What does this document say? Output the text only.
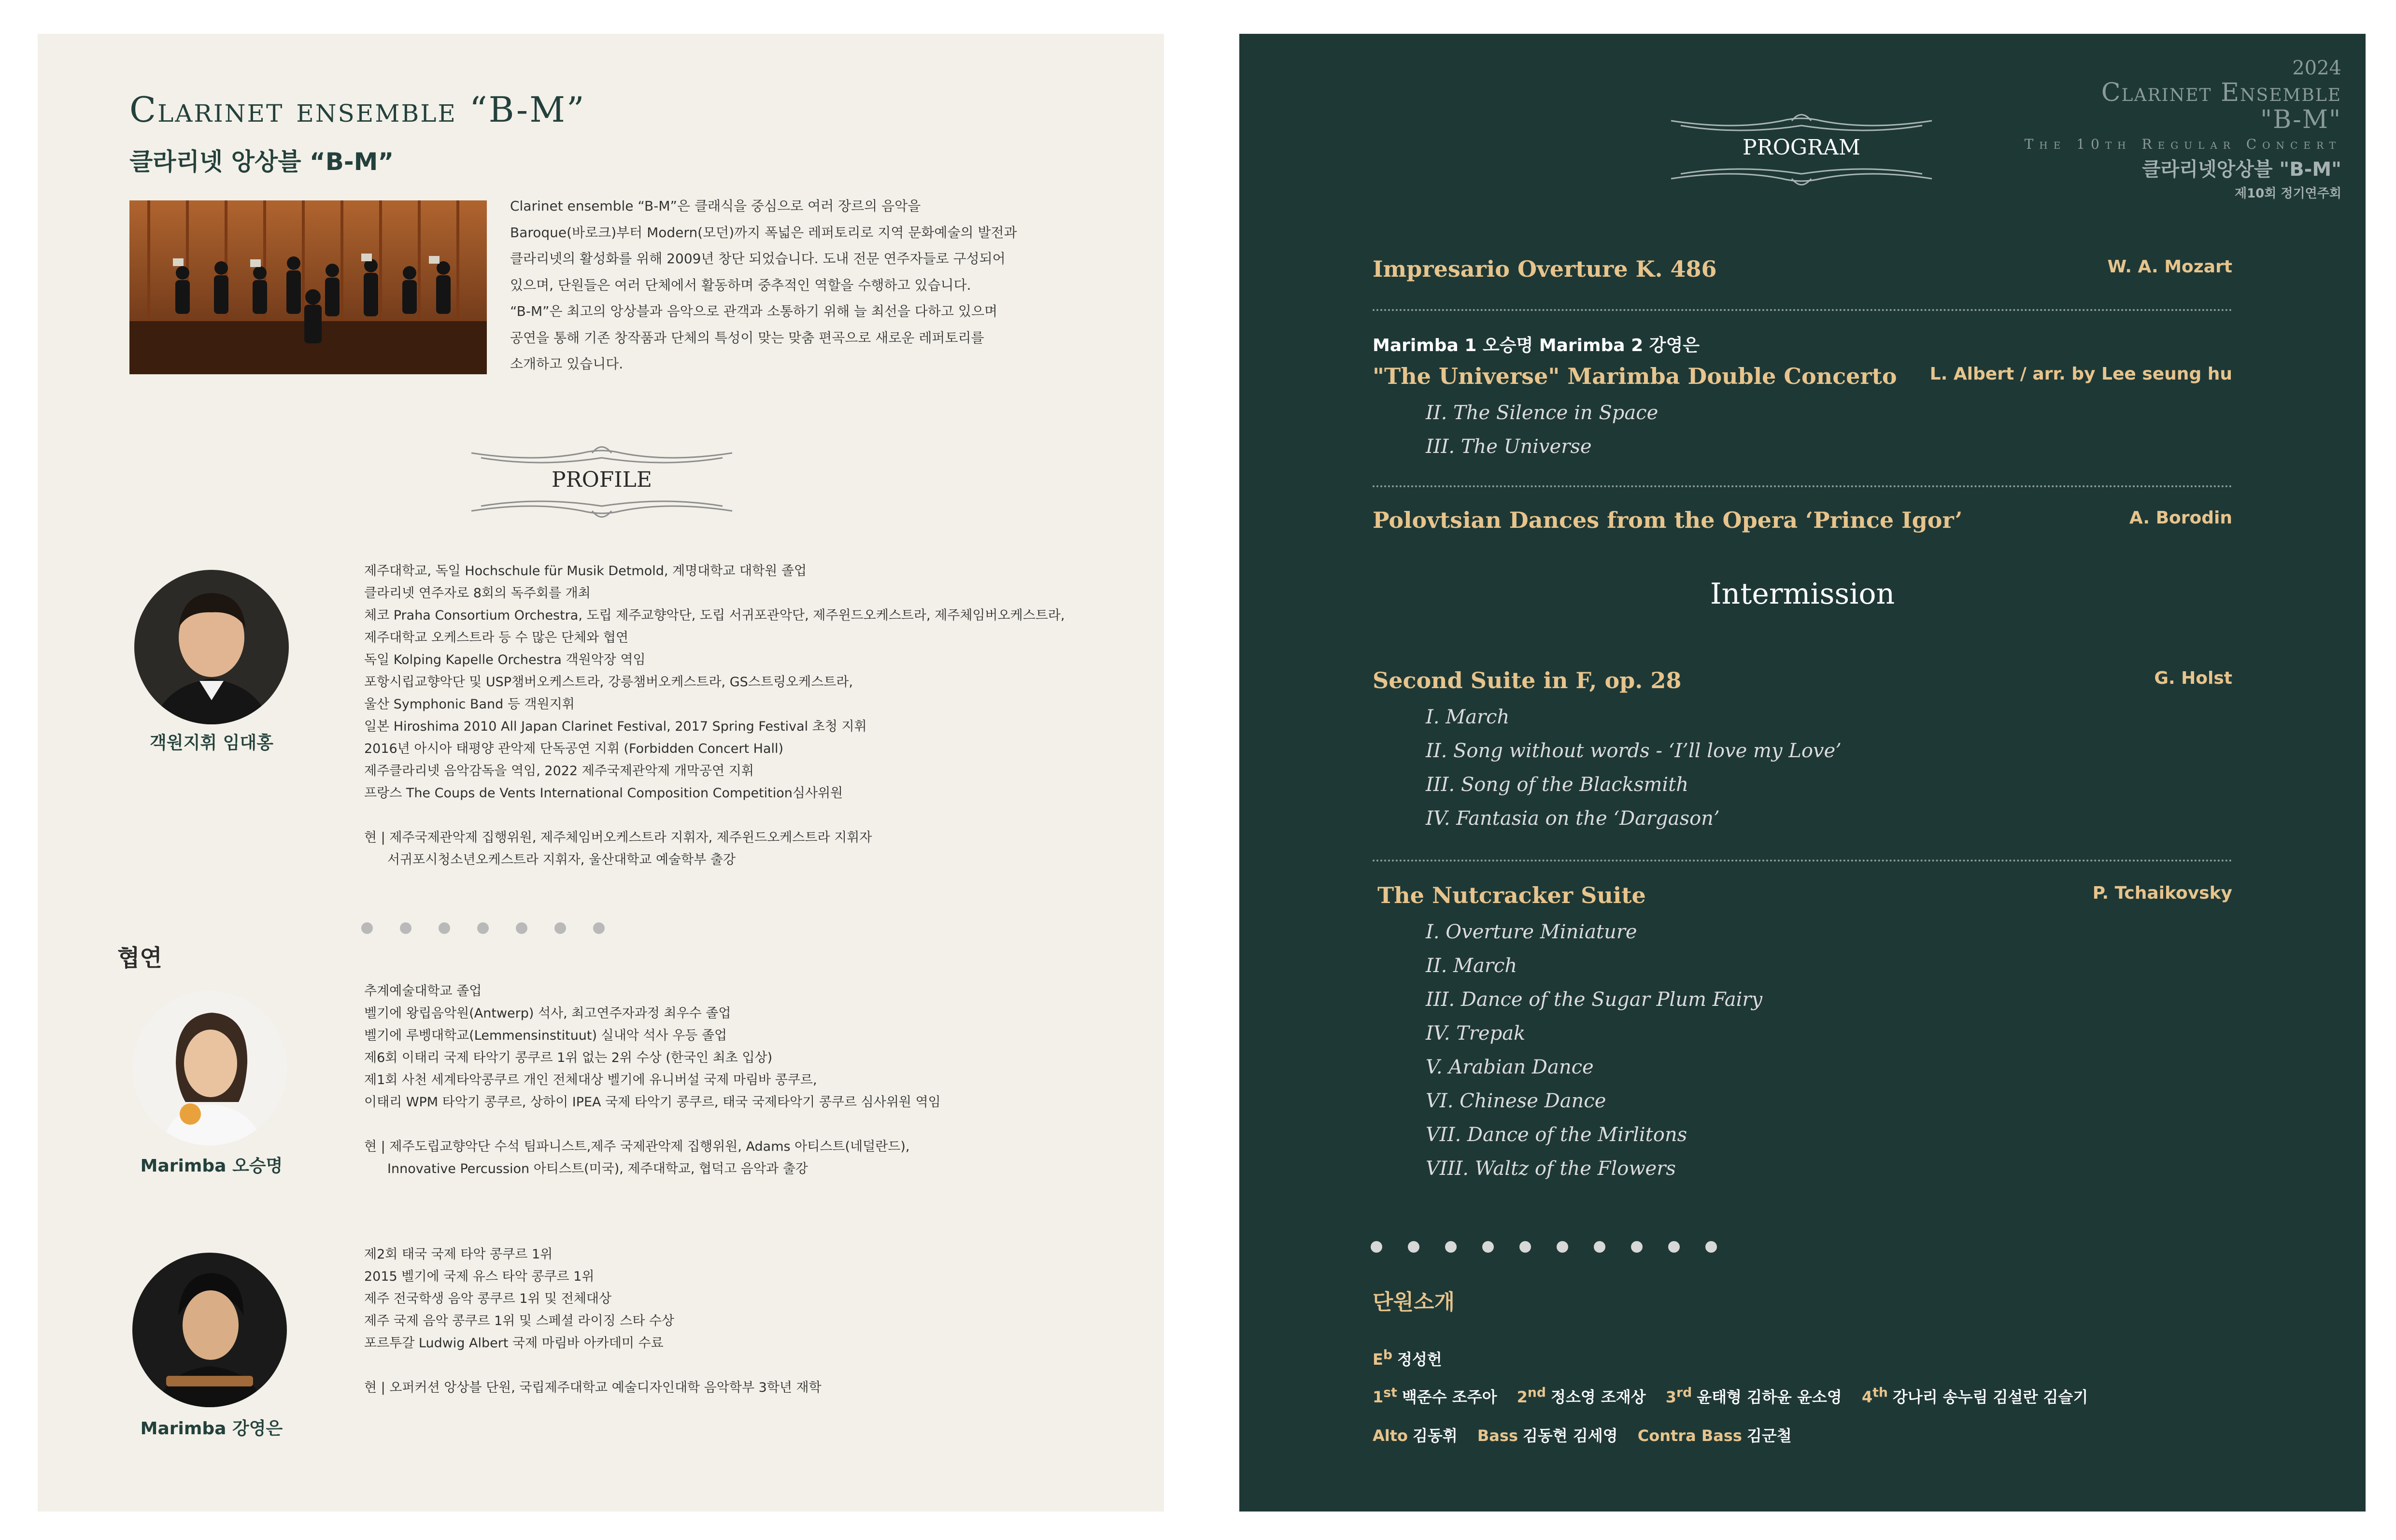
Clarinet ensemble “B-M”
클라리넷 앙상블 “B-M”
Clarinet ensemble “B-M”은 클래식을 중심으로 여러 장르의 음악을
Baroque(바로크)부터 Modern(모던)까지 폭넓은 레퍼토리로 지역 문화예술의 발전과
클라리넷의 활성화를 위해 2009년 창단 되었습니다. 도내 전문 연주자들로 구성되어
있으며, 단원들은 여러 단체에서 활동하며 중추적인 역할을 수행하고 있습니다.
“B-M”은 최고의 앙상블과 음악으로 관객과 소통하기 위해 늘 최선을 다하고 있으며
공연을 통해 기존 창작품과 단체의 특성이 맞는 맞춤 편곡으로 새로운 레퍼토리를
소개하고 있습니다.
PROFILE
객원지휘 임대홍
제주대학교, 독일 Hochschule für Musik Detmold, 계명대학교 대학원 졸업
클라리넷 연주자로 8회의 독주회를 개최
체코 Praha Consortium Orchestra, 도립 제주교향악단, 도립 서귀포관악단, 제주윈드오케스트라, 제주체임버오케스트라,
제주대학교 오케스트라 등 수 많은 단체와 협연
독일 Kolping Kapelle Orchestra 객원악장 역임
포항시립교향악단 및 USP챔버오케스트라, 강릉챔버오케스트라, GS스트링오케스트라,
울산 Symphonic Band 등 객원지휘
일본 Hiroshima 2010 All Japan Clarinet Festival, 2017 Spring Festival 초청 지휘
2016년 아시아 태평양 관악제 단독공연 지휘 (Forbidden Concert Hall)
제주클라리넷 음악감독을 역임, 2022 제주국제관악제 개막공연 지휘
프랑스 The Coups de Vents International Composition Competition심사위원
현 | 제주국제관악제 집행위원, 제주체임버오케스트라 지휘자, 제주윈드오케스트라 지휘자
서귀포시청소년오케스트라 지휘자, 울산대학교 예술학부 출강
협연
Marimba 오승명
추계예술대학교 졸업
벨기에 왕립음악원(Antwerp) 석사, 최고연주자과정 최우수 졸업
벨기에 루벵대학교(Lemmensinstituut) 실내악 석사 우등 졸업
제6회 이태리 국제 타악기 콩쿠르 1위 없는 2위 수상 (한국인 최초 입상)
제1회 사천 세계타악콩쿠르 개인 전체대상 벨기에 유니버설 국제 마림바 콩쿠르,
이태리 WPM 타악기 콩쿠르, 상하이 IPEA 국제 타악기 콩쿠르, 태국 국제타악기 콩쿠르 심사위원 역임
현 | 제주도립교향악단 수석 팀파니스트,제주 국제관악제 집행위원, Adams 아티스트(네덜란드),
Innovative Percussion 아티스트(미국), 제주대학교, 협덕고 음악과 출강
Marimba 강영은
제2회 태국 국제 타악 콩쿠르 1위
2015 벨기에 국제 유스 타악 콩쿠르 1위
제주 전국학생 음악 콩쿠르 1위 및 전체대상
제주 국제 음악 콩쿠르 1위 및 스페셜 라이징 스타 수상
포르투갈 Ludwig Albert 국제 마림바 아카데미 수료
현 | 오퍼커션 앙상블 단원, 국립제주대학교 예술디자인대학 음악학부 3학년 재학
2024
Clarinet Ensemble
"B-M"
The 10th Regular Concert
클라리넷앙상블 "B-M"
제10회 정기연주회
PROGRAM
Impresario Overture K. 486	W. A. Mozart
Marimba 1 오승명 Marimba 2 강영은
"The Universe" Marimba Double Concerto L. Albert / arr. by Lee seung hu
II. The Silence in Space
III. The Universe
Polovtsian Dances from the Opera ‘Prince Igor’	A. Borodin
Intermission
Second Suite in F, op. 28	G. Holst
I. March
II. Song without words - ‘I’ll love my Love’
III. Song of the Blacksmith
IV. Fantasia on the ‘Dargason’
The Nutcracker Suite	P. Tchaikovsky
I. Overture Miniature
II. March
III. Dance of the Sugar Plum Fairy
IV. Trepak
V. Arabian Dance
VI. Chinese Dance
VII. Dance of the Mirlitons
VIII. Waltz of the Flowers
단원소개
$E^b$ 정성헌
1st 백준수 조주아 2nd 정소영 조재상 3rd 윤태형 김하윤 윤소영 4th 강나리 송누림 김설란 김슬기
Alto 김동휘 Bass 김동현 김세영 Contra Bass 김군철
